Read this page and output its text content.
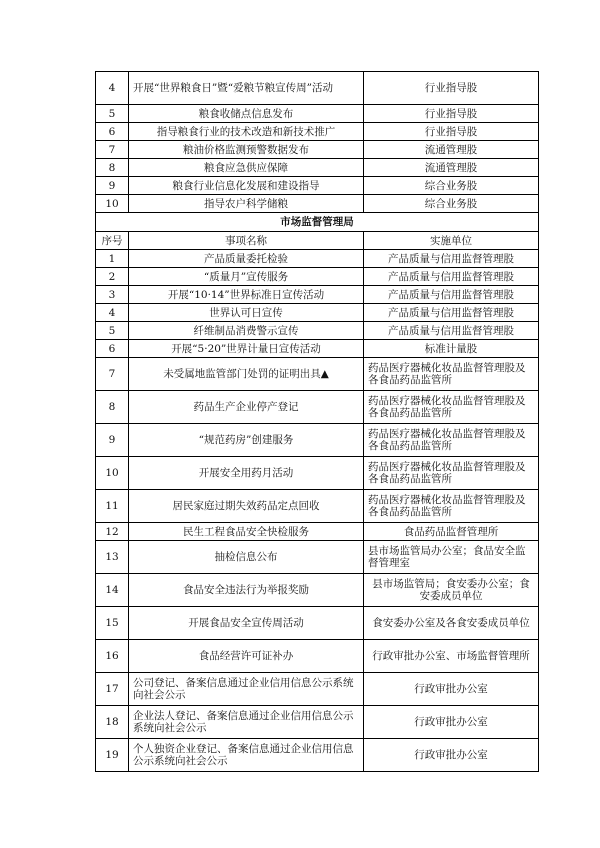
4	开展“世界粮食日”暨“爱粮节粮宣传周”活动	行业指导股
5	粮食收储点信息发布	行业指导股
6	指导粮食行业的技术改造和新技术推广	行业指导股
7	粮油价格监测预警数据发布	流通管理股
8	粮食应急供应保障	流通管理股
9	粮食行业信息化发展和建设指导	综合业务股
10	指导农户科学储粮	综合业务股
市场监督管理局		
序号	事项名称	实施单位
1	产品质量委托检验	产品质量与信用监督管理股
2	“质量月”宣传服务	产品质量与信用监督管理股
3	开展“10·14”世界标准日宣传活动	产品质量与信用监督管理股
4	世界认可日宣传	产品质量与信用监督管理股
5	纤维制品消费警示宣传	产品质量与信用监督管理股
6	开展“5·20”世界计量日宣传活动	标准计量股
7	未受属地监管部门处罚的证明出具▲	药品医疗器械化妆品监督管理股及各食品药品监管所
8	药品生产企业停产登记	药品医疗器械化妆品监督管理股及各食品药品监管所
9	“规范药房”创建服务	药品医疗器械化妆品监督管理股及各食品药品监管所
10	开展安全用药月活动	药品医疗器械化妆品监督管理股及各食品药品监管所
11	居民家庭过期失效药品定点回收	药品医疗器械化妆品监督管理股及各食品药品监管所
12	民生工程食品安全快检服务	食品药品监督管理所
13	抽检信息公布	县市场监管局办公室；食品安全监督管理室
14	食品安全违法行为举报奖励	县市场监管局；食安委办公室；食安委成员单位
15	开展食品安全宣传周活动	食安委办公室及各食安委成员单位
16	食品经营许可证补办	行政审批办公室、市场监督管理所
17	公司登记、备案信息通过企业信用信息公示系统向社会公示	行政审批办公室
18	企业法人登记、备案信息通过企业信用信息公示系统向社会公示	行政审批办公室
19	个人独资企业登记、备案信息通过企业信用信息公示系统向社会公示	行政审批办公室
